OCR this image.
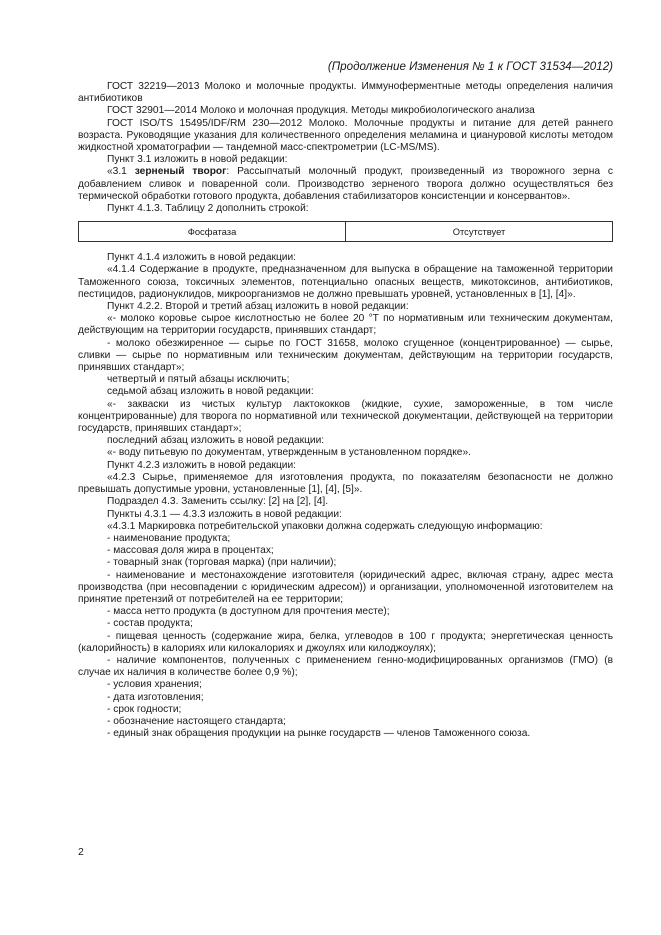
(Продолжение Изменения № 1 к ГОСТ 31534—2012)

ГОСТ 32219—2013 Молоко и молочные продукты. Иммуноферментные методы определения наличия антибиотиков

ГОСТ 32901—2014 Молоко и молочная продукция. Методы микробиологического анализа

ГОСТ ISO/TS 15495/IDF/RM 230—2012 Молоко. Молочные продукты и питание для детей раннего возраста. Руководящие указания для количественного определения меламина и циануровой кислоты методом жидкостной хроматографии — тандемной масс-спектрометрии (LC-MS/MS).

Пункт 3.1 изложить в новой редакции:

«3.1 зерненый творог: Рассыпчатый молочный продукт, произведенный из творожного зерна с добавлением сливок и поваренной соли. Производство зерненого творога должно осуществляться без термической обработки готового продукта, добавления стабилизаторов консистенции и консервантов».

Пункт 4.1.3. Таблицу 2 дополнить строкой:

Фосфатаза	Отсутствует

Пункт 4.1.4 изложить в новой редакции:

«4.1.4 Содержание в продукте, предназначенном для выпуска в обращение на таможенной территории Таможенного союза, токсичных элементов, потенциально опасных веществ, микотоксинов, антибиотиков, пестицидов, радионуклидов, микроорганизмов не должно превышать уровней, установленных в [1], [4]».

Пункт 4.2.2. Второй и третий абзац изложить в новой редакции:

«- молоко коровье сырое кислотностью не более 20 °Т по нормативным или техническим документам, действующим на территории государств, принявших стандарт;

- молоко обезжиренное — сырье по ГОСТ 31658, молоко сгущенное (концентрированное) — сырье, сливки — сырье по нормативным или техническим документам, действующим на территории государств, принявших стандарт»;

четвертый и пятый абзацы исключить;

седьмой абзац изложить в новой редакции:

«- закваски из чистых культур лактококков (жидкие, сухие, замороженные, в том числе концентрированные) для творога по нормативной или технической документации, действующей на территории государств, принявших стандарт»;

последний абзац изложить в новой редакции:

«- воду питьевую по документам, утвержденным в установленном порядке».

Пункт 4.2.3 изложить в новой редакции:

«4.2.3 Сырье, применяемое для изготовления продукта, по показателям безопасности не должно превышать допустимые уровни, установленные [1], [4], [5]».

Подраздел 4.3. Заменить ссылку: [2] на [2], [4].

Пункты 4.3.1 — 4.3.3 изложить в новой редакции:

«4.3.1 Маркировка потребительской упаковки должна содержать следующую информацию:

- наименование продукта;

- массовая доля жира в процентах;

- товарный знак (торговая марка) (при наличии);

- наименование и местонахождение изготовителя (юридический адрес, включая страну, адрес места производства (при несовпадении с юридическим адресом)) и организации, уполномоченной изготовителем на принятие претензий от потребителей на ее территории;

- масса нетто продукта (в доступном для прочтения месте);

- состав продукта;

- пищевая ценность (содержание жира, белка, углеводов в 100 г продукта; энергетическая ценность (калорийность) в калориях или килокалориях и джоулях или килоджоулях);

- наличие компонентов, полученных с применением генно-модифицированных организмов (ГМО) (в случае их наличия в количестве более 0,9 %);

- условия хранения;

- дата изготовления;

- срок годности;

- обозначение настоящего стандарта;

- единый знак обращения продукции на рынке государств — членов Таможенного союза.

2
